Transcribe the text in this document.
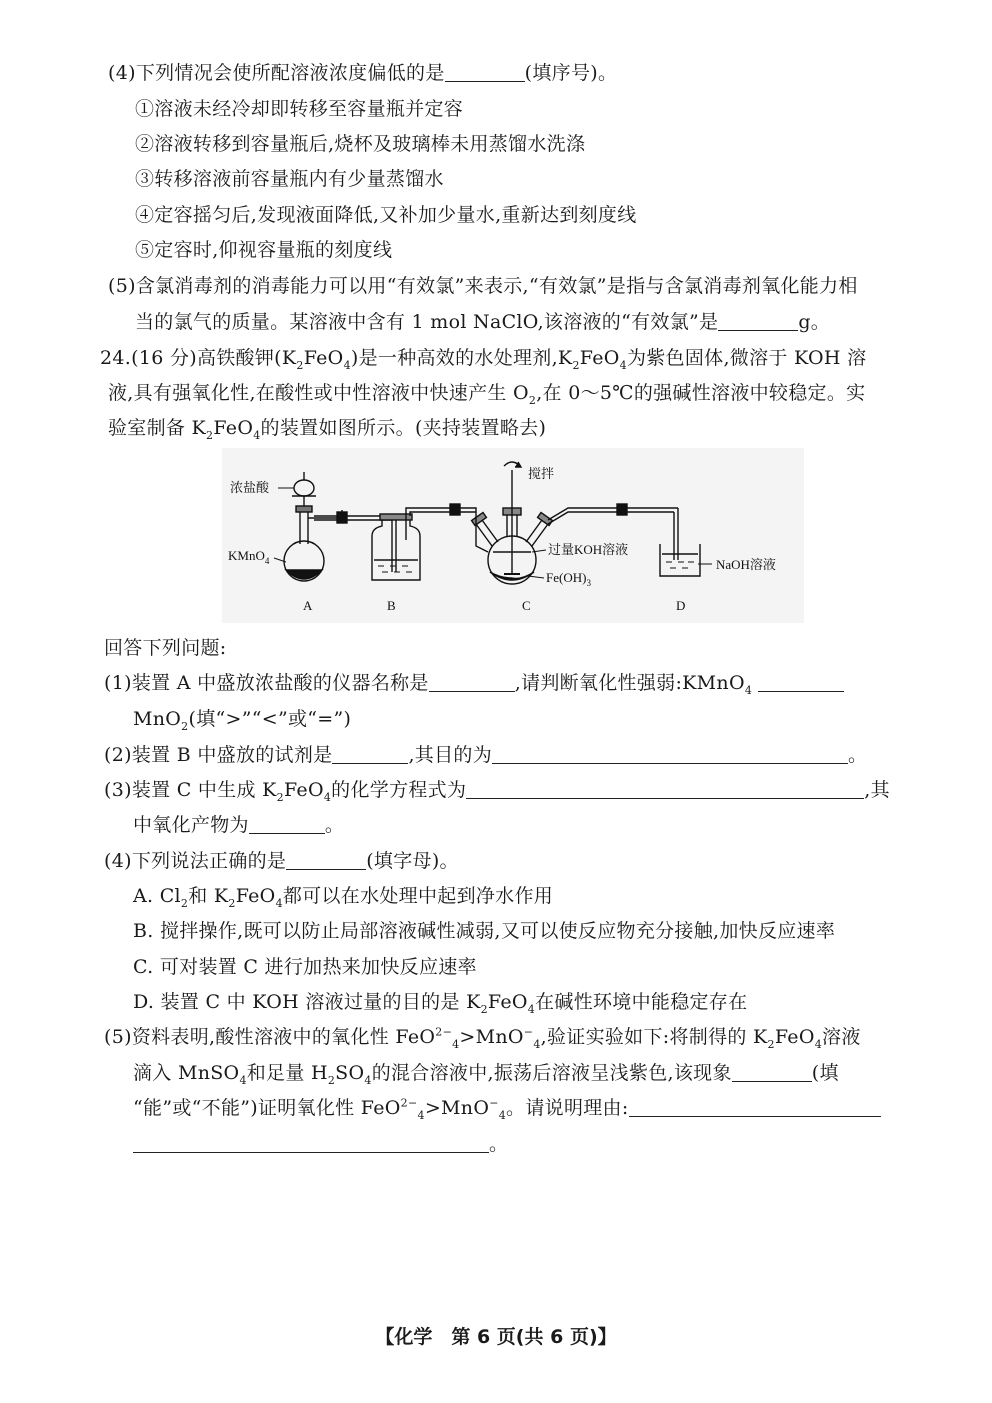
(4)下列情况会使所配溶液浓度偏低的是	(填序号)。
①溶液未经冷却即转移至容量瓶并定容
②溶液转移到容量瓶后,烧杯及玻璃棒未用蒸馏水洗涤
③转移溶液前容量瓶内有少量蒸馏水
④定容摇匀后,发现液面降低,又补加少量水,重新达到刻度线
⑤定容时,仰视容量瓶的刻度线
(5)含氯消毒剂的消毒能力可以用“有效氯”来表示,“有效氯”是指与含氯消毒剂氧化能力相
当的氯气的质量。某溶液中含有 1 mol NaClO,该溶液的“有效氯”是	g。
24.(16 分)高铁酸钾$(K_2FeO_4)$是一种高效的水处理剂$,K_2FeO_4$为紫色固体,微溶于 KOH 溶
液,具有强氧化性,在酸性或中性溶液中快速产生 $O_2$,在 0～5℃的强碱性溶液中较稳定。实
验室制备 $K_2FeO_4$的装置如图所示。(夹持装置略去)
浓盐酸
KMnO$_4$
搅拌
过量KOH溶液
$Fe(OH)_3$
NaOH溶液
A	B	C	D
回答下列问题:
(1)装置 A 中盛放浓盐酸的仪器名称是	,请判断氧化性强弱:KMnO$_4$
MnO$_2$(填“>”“<”或“=”)
(2)装置 B 中盛放的试剂是	,其目的为	。
(3)装置 C 中生成 $K_2FeO_4$的化学方程式为	,其
中氧化产物为	。
(4)下列说法正确的是	(填字母)。
A. $Cl_2$和 $K_2FeO_4$都可以在水处理中起到净水作用
B. 搅拌操作,既可以防止局部溶液碱性减弱,又可以使反应物充分接触,加快反应速率
C. 可对装置 C 进行加热来加快反应速率
D. 装置 C 中 KOH 溶液过量的目的是 $K_2FeO_4$在碱性环境中能稳定存在
(5)资料表明,酸性溶液中的氧化性 FeO$^{2-}_4$>MnO−$_4$,验证实验如下:将制得的 $K_2FeO_4$溶液
滴入 MnSO$_4$和足量 $H_2SO_4$的混合溶液中,振荡后溶液呈浅紫色,该现象	(填
“能”或“不能”)证明氧化性 FeO$^{2-}_4$>MnO−$_4$。请说明理由:
。
【化学　第 6 页(共 6 页)】
